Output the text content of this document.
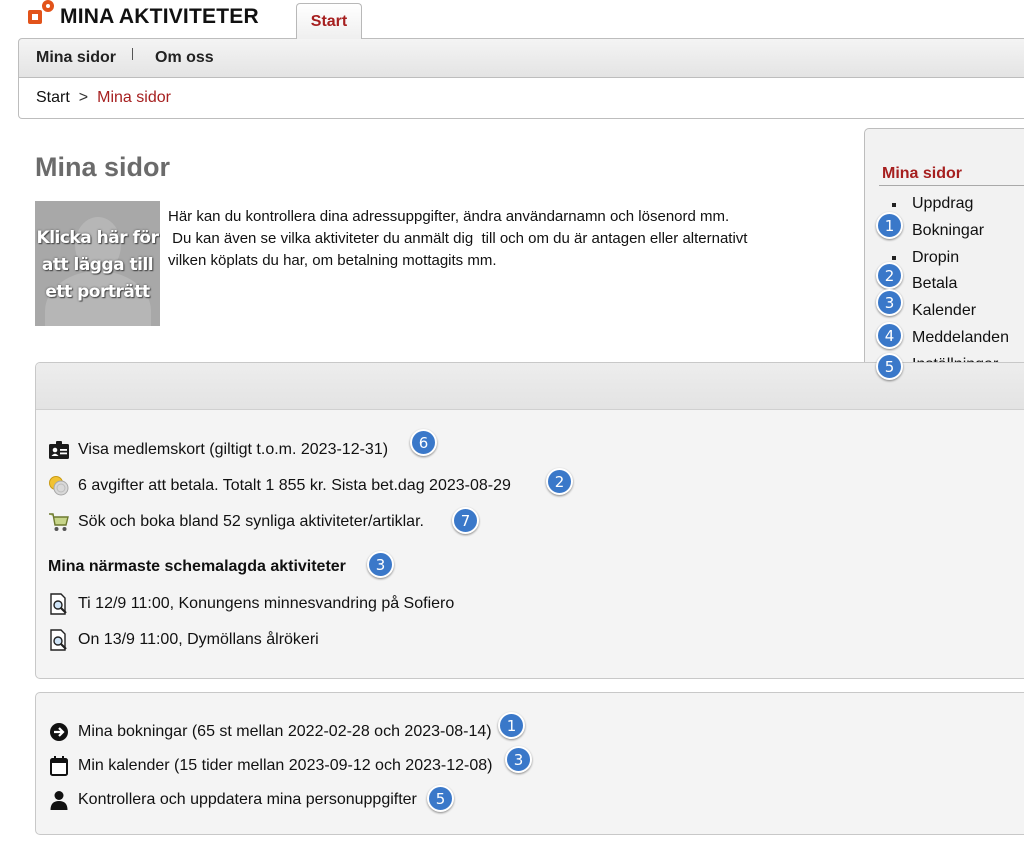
MINA AKTIVITETER	Start
Mina sidor Om oss
Start > Mina sidor
Mina sidor
Klicka här för
att lägga till
ett porträtt
Här kan du kontrollera dina adressuppgifter, ändra användarnamn och lösenord mm.
Du kan även se vilka aktiviteter du anmält dig  till och om du är antagen eller alternativt
vilken köplats du har, om betalning mottagits mm.
Mina sidor
Uppdrag
Bokningar
Dropin
Betala
Kalender
Meddelanden
1
2
3
4
5
Visa medlemskort (giltigt t.o.m. 2023-12-31)	6
6 avgifter att betala. Totalt 1 855 kr. Sista bet.dag 2023-08-29	2
Sök och boka bland 52 synliga aktiviteter/artiklar.	7
Mina närmaste schemalagda aktiviteter	3
Ti 12/9 11:00, Konungens minnesvandring på Sofiero
On 13/9 11:00, Dymöllans ålrökeri
Mina bokningar (65 st mellan 2022-02-28 och 2023-08-14)	1
Min kalender (15 tider mellan 2023-09-12 och 2023-12-08)	3
Kontrollera och uppdatera mina personuppgifter	5
